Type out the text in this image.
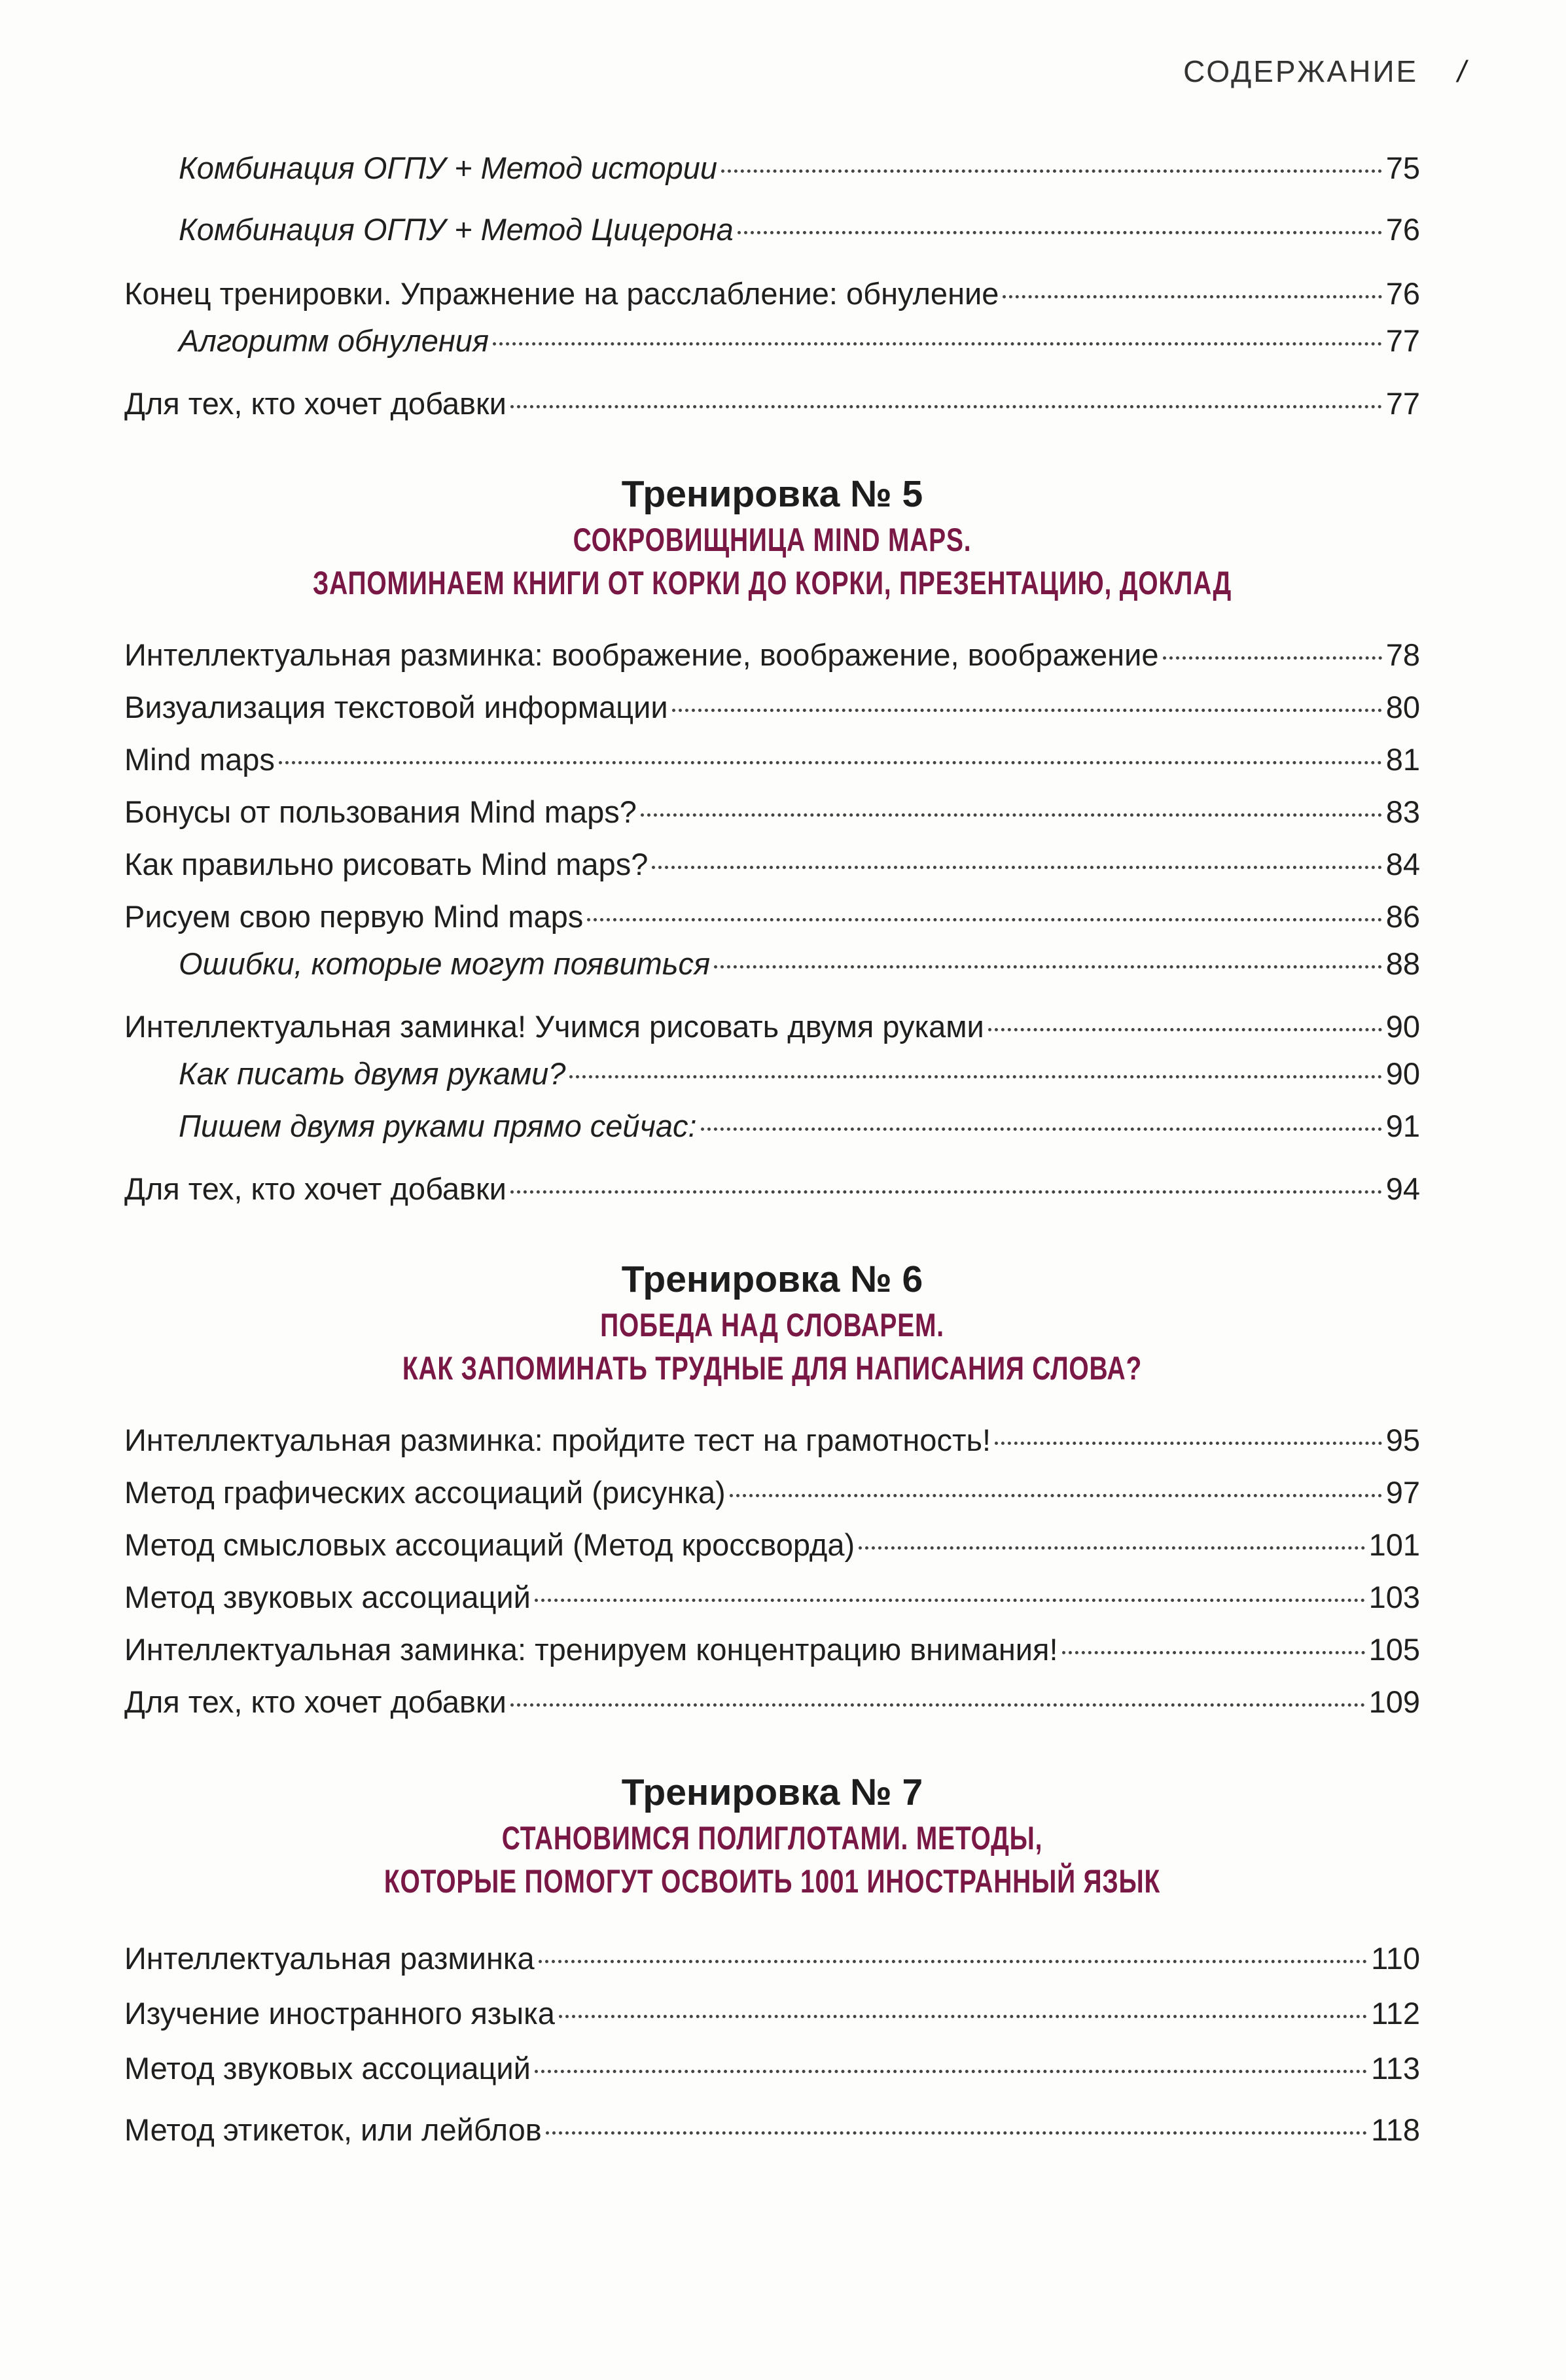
СОДЕРЖАНИЕ /
Комбинация ОГПУ + Метод истории	75
Комбинация ОГПУ + Метод Цицерона	76
Конец тренировки. Упражнение на расслабление: обнуление	76
Алгоритм обнуления	77
Для тех, кто хочет добавки	77
Тренировка № 5
СОКРОВИЩНИЦА MIND MAPS.
ЗАПОМИНАЕМ КНИГИ ОТ КОРКИ ДО КОРКИ, ПРЕЗЕНТАЦИЮ, ДОКЛАД
Интеллектуальная разминка: воображение, воображение, воображение	78
Визуализация текстовой информации	80
Mind maps	81
Бонусы от пользования Mind maps?	83
Как правильно рисовать Mind maps?	84
Рисуем свою первую Mind maps	86
Ошибки, которые могут появиться	88
Интеллектуальная заминка! Учимся рисовать двумя руками	90
Как писать двумя руками?	90
Пишем двумя руками прямо сейчас:	91
Для тех, кто хочет добавки	94
Тренировка № 6
ПОБЕДА НАД СЛОВАРЕМ.
КАК ЗАПОМИНАТЬ ТРУДНЫЕ ДЛЯ НАПИСАНИЯ СЛОВА?
Интеллектуальная разминка: пройдите тест на грамотность!	95
Метод графических ассоциаций (рисунка)	97
Метод смысловых ассоциаций (Метод кроссворда)	101
Метод звуковых ассоциаций	103
Интеллектуальная заминка: тренируем концентрацию внимания!	105
Для тех, кто хочет добавки	109
Тренировка № 7
СТАНОВИМСЯ ПОЛИГЛОТАМИ. МЕТОДЫ,
КОТОРЫЕ ПОМОГУТ ОСВОИТЬ 1001 ИНОСТРАННЫЙ ЯЗЫК
Интеллектуальная разминка	110
Изучение иностранного языка	112
Метод звуковых ассоциаций	113
Метод этикеток, или лейблов	118
